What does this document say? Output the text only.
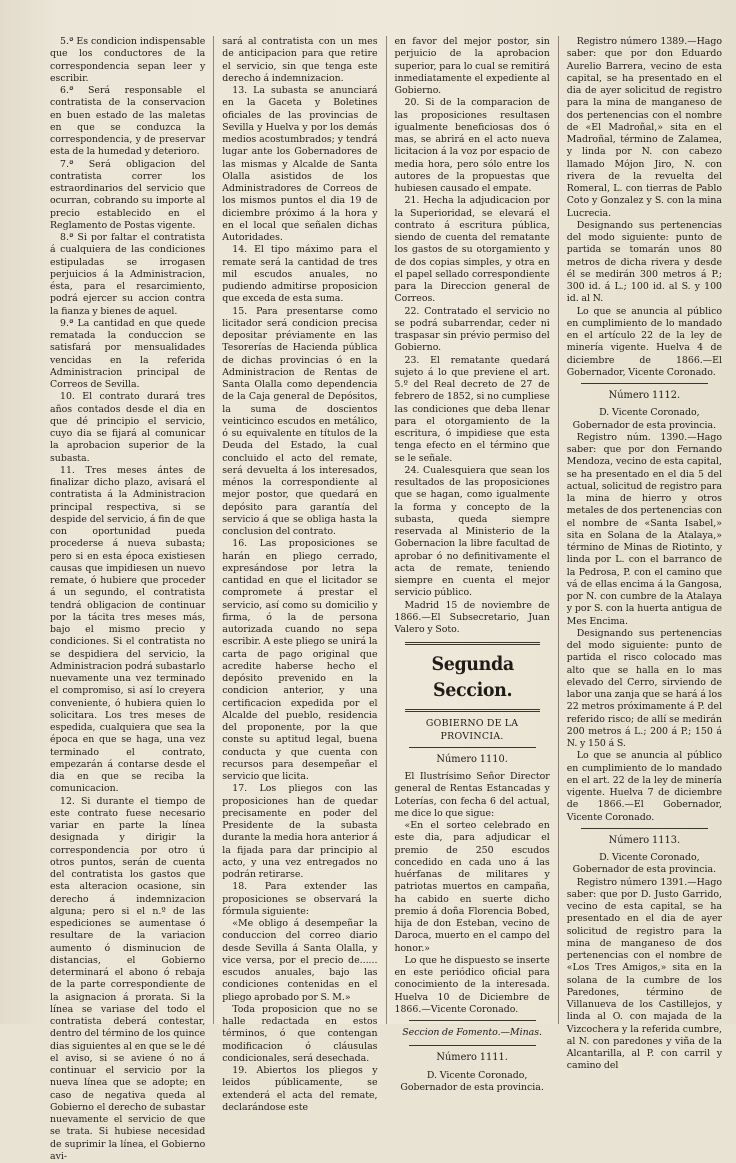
5.ª Es condicion indispensable que los conductores de la correspondencia sepan leer y escribir.

6.ª Será responsable el contratista de la conservacion en buen estado de las maletas en que se conduzca la correspondencia, y de preservar esta de la humedad y deterioro.

7.ª Será obligacion del contratista correr los estraordinarios del servicio que ocurran, cobrando su importe al precio establecido en el Reglamento de Postas vigente.

8.ª Si por faltar el contratista á cualquiera de las condiciones estipuladas se irrogasen perjuicios á la Administracion, ésta, para el resarcimiento, podrá ejercer su accion contra la fianza y bienes de aquel.

9.ª La cantidad en que quede rematada la conduccion se satisfará por mensualidades vencidas en la referida Administracion principal de Correos de Sevilla.

10. El contrato durará tres años contados desde el dia en que dé principio el servicio, cuyo dia se fijará al comunicar la aprobacion superior de la subasta.

11. Tres meses ántes de finalizar dicho plazo, avisará el contratista á la Administracion principal respectiva, si se despide del servicio, á fin de que con oportunidad pueda procederse á nueva subasta; pero si en esta época existiesen causas que impidiesen un nuevo remate, ó hubiere que proceder á un segundo, el contratista tendrá obligacion de continuar por la tácita tres meses más, bajo el mismo precio y condiciones. Si el contratista no se despidiera del servicio, la Administracion podrá subastarlo nuevamente una vez terminado el compromiso, si así lo creyera conveniente, ó hubiera quien lo solicitara. Los tres meses de espedida, cualquiera que sea la época en que se haga, una vez terminado el contrato, empezarán á contarse desde el dia en que se reciba la comunicacion.

12. Si durante el tiempo de este contrato fuese necesario variar en parte la línea designada y dirigir la correspondencia por otro ú otros puntos, serán de cuenta del contratista los gastos que esta alteracion ocasione, sin derecho á indemnizacion alguna; pero si el n.º de las espediciones se aumentase ó resultare de la variacion aumento ó disminucion de distancias, el Gobierno determinará el abono ó rebaja de la parte correspondiente de la asignacion á prorata. Si la línea se variase del todo el contratista deberá contestar, dentro del término de los quince dias siguientes al en que se le dé el aviso, si se aviene ó no á continuar el servicio por la nueva línea que se adopte; en caso de negativa queda al Gobierno el derecho de subastar nuevamente el servicio de que se trata. Si hubiese necesidad de suprimir la línea, el Gobierno avi-

sará al contratista con un mes de anticipacion para que retire el servicio, sin que tenga este derecho á indemnizacion.

13. La subasta se anunciará en la Gaceta y Boletines oficiales de las provincias de Sevilla y Huelva y por los demás medios acostumbrados; y tendrá lugar ante los Gobernadores de las mismas y Alcalde de Santa Olalla asistidos de los Administradores de Correos de los mismos puntos el dia 19 de diciembre próximo á la hora y en el local que señalen dichas Autoridades.

14. El tipo máximo para el remate será la cantidad de tres mil escudos anuales, no pudiendo admitirse proposicion que exceda de esta suma.

15. Para presentarse como licitador será condicion precisa depositar préviamente en las Tesorerías de Hacienda pública de dichas provincias ó en la Administracion de Rentas de Santa Olalla como dependencia de la Caja general de Depósitos, la suma de doscientos veinticinco escudos en metálico, ó su equivalente en títulos de la Deuda del Estado, la cual concluido el acto del remate, será devuelta á los interesados, ménos la correspondiente al mejor postor, que quedará en depósito para garantía del servicio á que se obliga hasta la conclusion del contrato.

16. Las proposiciones se harán en pliego cerrado, expresándose por letra la cantidad en que el licitador se compromete á prestar el servicio, así como su domicilio y firma, ó la de persona autorizada cuando no sepa escribir. A este pliego se unirá la carta de pago original que acredite haberse hecho el depósito prevenido en la condicion anterior, y una certificacion expedida por el Alcalde del pueblo, residencia del proponente, por la que conste su aptitud legal, buena conducta y que cuenta con recursos para desempeñar el servicio que licita.

17. Los pliegos con las proposiciones han de quedar precisamente en poder del Presidente de la subasta durante la media hora anterior á la fijada para dar principio al acto, y una vez entregados no podrán retirarse.

18. Para extender las proposiciones se observará la fórmula siguiente:

«Me obligo á desempeñar la conduccion del correo diario desde Sevilla á Santa Olalla, y vice versa, por el precio de...... escudos anuales, bajo las condiciones contenidas en el pliego aprobado por S. M.»

Toda proposicion que no se halle redactada en estos términos, ó que contengan modificacion ó cláusulas condicionales, será desechada.

19. Abiertos los pliegos y leidos públicamente, se extenderá el acta del remate, declarándose este

en favor del mejor postor, sin perjuicio de la aprobacion superior, para lo cual se remitirá inmediatamente el expediente al Gobierno.

20. Si de la comparacion de las proposiciones resultasen igualmente beneficiosas dos ó mas, se abrirá en el acto nueva licitacion á la voz por espacio de media hora, pero sólo entre los autores de la propuestas que hubiesen causado el empate.

21. Hecha la adjudicacion por la Superioridad, se elevará el contrato á escritura pública, siendo de cuenta del rematante los gastos de su otorgamiento y de dos copias simples, y otra en el papel sellado correspondiente para la Direccion general de Correos.

22. Contratado el servicio no se podrá subarrendar, ceder ni traspasar sin prévio permiso del Gobierno.

23. El rematante quedará sujeto á lo que previene el art. 5.º del Real decreto de 27 de febrero de 1852, si no cumpliese las condiciones que deba llenar para el otorgamiento de la escritura, ó impidiese que esta tenga efecto en el término que se le señale.

24. Cualesquiera que sean los resultados de las proposiciones que se hagan, como igualmente la forma y concepto de la subasta, queda siempre reservada al Ministerio de la Gobernacion la libre facultad de aprobar ó no definitivamente el acta de remate, teniendo siempre en cuenta el mejor servicio público.

Madrid 15 de noviembre de 1866.—El Subsecretario, Juan Valero y Soto.

Segunda Seccion.
GOBIERNO DE LA PROVINCIA.
Número 1110.

El Ilustrísimo Señor Director general de Rentas Estancadas y Loterías, con fecha 6 del actual, me dice lo que sigue:

«En el sorteo celebrado en este dia, para adjudicar el premio de 250 escudos concedido en cada uno á las huérfanas de militares y patriotas muertos en campaña, ha cabido en suerte dicho premio á doña Florencia Bobed, hija de don Esteban, vecino de Daroca, muerto en el campo del honor.»

Lo que he dispuesto se inserte en este periódico oficial para conocimiento de la interesada. Huelva 10 de Diciembre de 1866.—Vicente Coronado.

Seccion de Fomento.—Minas.
Número 1111.

D. Vicente Coronado, Gobernador de esta provincia.

Registro número 1389.—Hago saber: que por don Eduardo Aurelio Barrera, vecino de esta capital, se ha presentado en el dia de ayer solicitud de registro para la mina de manganeso de dos pertenencias con el nombre de «El Madroñal,» sita en el Madroñal, término de Zalamea, y linda por N. con cabezo llamado Mójon Jiro, N. con rivera de la revuelta del Romeral, L. con tierras de Pablo Coto y Gonzalez y S. con la mina Lucrecia.

Designando sus pertenencias del modo siguiente: punto de partida se tomarán unos 80 metros de dicha rivera y desde él se medirán 300 metros á P.; 300 id. á L.; 100 id. al S. y 100 id. al N.

Lo que se anuncia al público en cumplimiento de lo mandado en el artículo 22 de la ley de minería vigente. Huelva 4 de diciembre de 1866.—El Gobernador, Vicente Coronado.

Número 1112.

D. Vicente Coronado, Gobernador de esta provincia.

Registro núm. 1390.—Hago saber: que por don Fernando Mendoza, vecino de esta capital, se ha presentado en el dia 5 del actual, solicitud de registro para la mina de hierro y otros metales de dos pertenencias con el nombre de «Santa Isabel,» sita en Solana de la Atalaya,» término de Minas de Riotinto, y linda por L. con el barranco de la Pedrosa, P. con el camino que vá de ellas encima á la Gangosa, por N. con cumbre de la Atalaya y por S. con la huerta antigua de Mes Encima.

Designando sus pertenencias del modo siguiente: punto de partida el risco colocado mas alto que se halla en lo mas elevado del Cerro, sirviendo de labor una zanja que se hará á los 22 metros próximamente á P. del referido risco; de allí se medirán 200 metros á L.; 200 á P.; 150 á N. y 150 á S.

Lo que se anuncia al público en cumplimiento de lo mandado en el art. 22 de la ley de minería vigente. Huelva 7 de diciembre de 1866.—El Gobernador, Vicente Coronado.

Número 1113.

D. Vicente Coronado, Gobernador de esta provincia.

Registro número 1391.—Hago saber: que por D. Justo Garrido, vecino de esta capital, se ha presentado en el dia de ayer solicitud de registro para la mina de manganeso de dos pertenencias con el nombre de «Los Tres Amigos,» sita en la solana de la cumbre de los Paredones, término de Villanueva de los Castillejos, y linda al O. con majada de la Vizcochera y la referida cumbre, al N. con paredones y viña de la Alcantarilla, al P. con carril y camino del
